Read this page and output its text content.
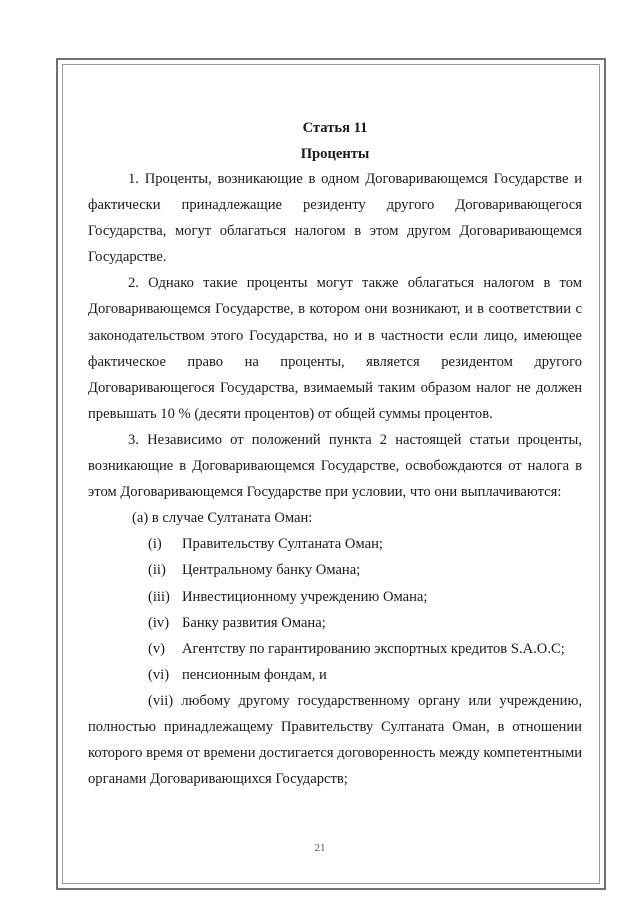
Статья 11
Проценты

1. Проценты, возникающие в одном Договаривающемся Государстве и фактически принадлежащие резиденту другого Договаривающегося Государства, могут облагаться налогом в этом другом Договаривающемся Государстве.

2. Однако такие проценты могут также облагаться налогом в том Договаривающемся Государстве, в котором они возникают, и в соответствии с законодательством этого Государства, но и в частности если лицо, имеющее фактическое право на проценты, является резидентом другого Договаривающегося Государства, взимаемый таким образом налог не должен превышать 10 % (десяти процентов) от общей суммы процентов.

3. Независимо от положений пункта 2 настоящей статьи проценты, возникающие в Договаривающемся Государстве, освобождаются от налога в этом Договаривающемся Государстве при условии, что они выплачиваются:

(a) в случае Султаната Оман:
(i) Правительству Султаната Оман;
(ii) Центральному банку Омана;
(iii) Инвестиционному учреждению Омана;
(iv) Банку развития Омана;
(v) Агентству по гарантированию экспортных кредитов S.A.O.C;
(vi) пенсионным фондам, и

(vii) любому другому государственному органу или учреждению, полностью принадлежащему Правительству Султаната Оман, в отношении которого время от времени достигается договоренность между компетентными органами Договаривающихся Государств;

21
